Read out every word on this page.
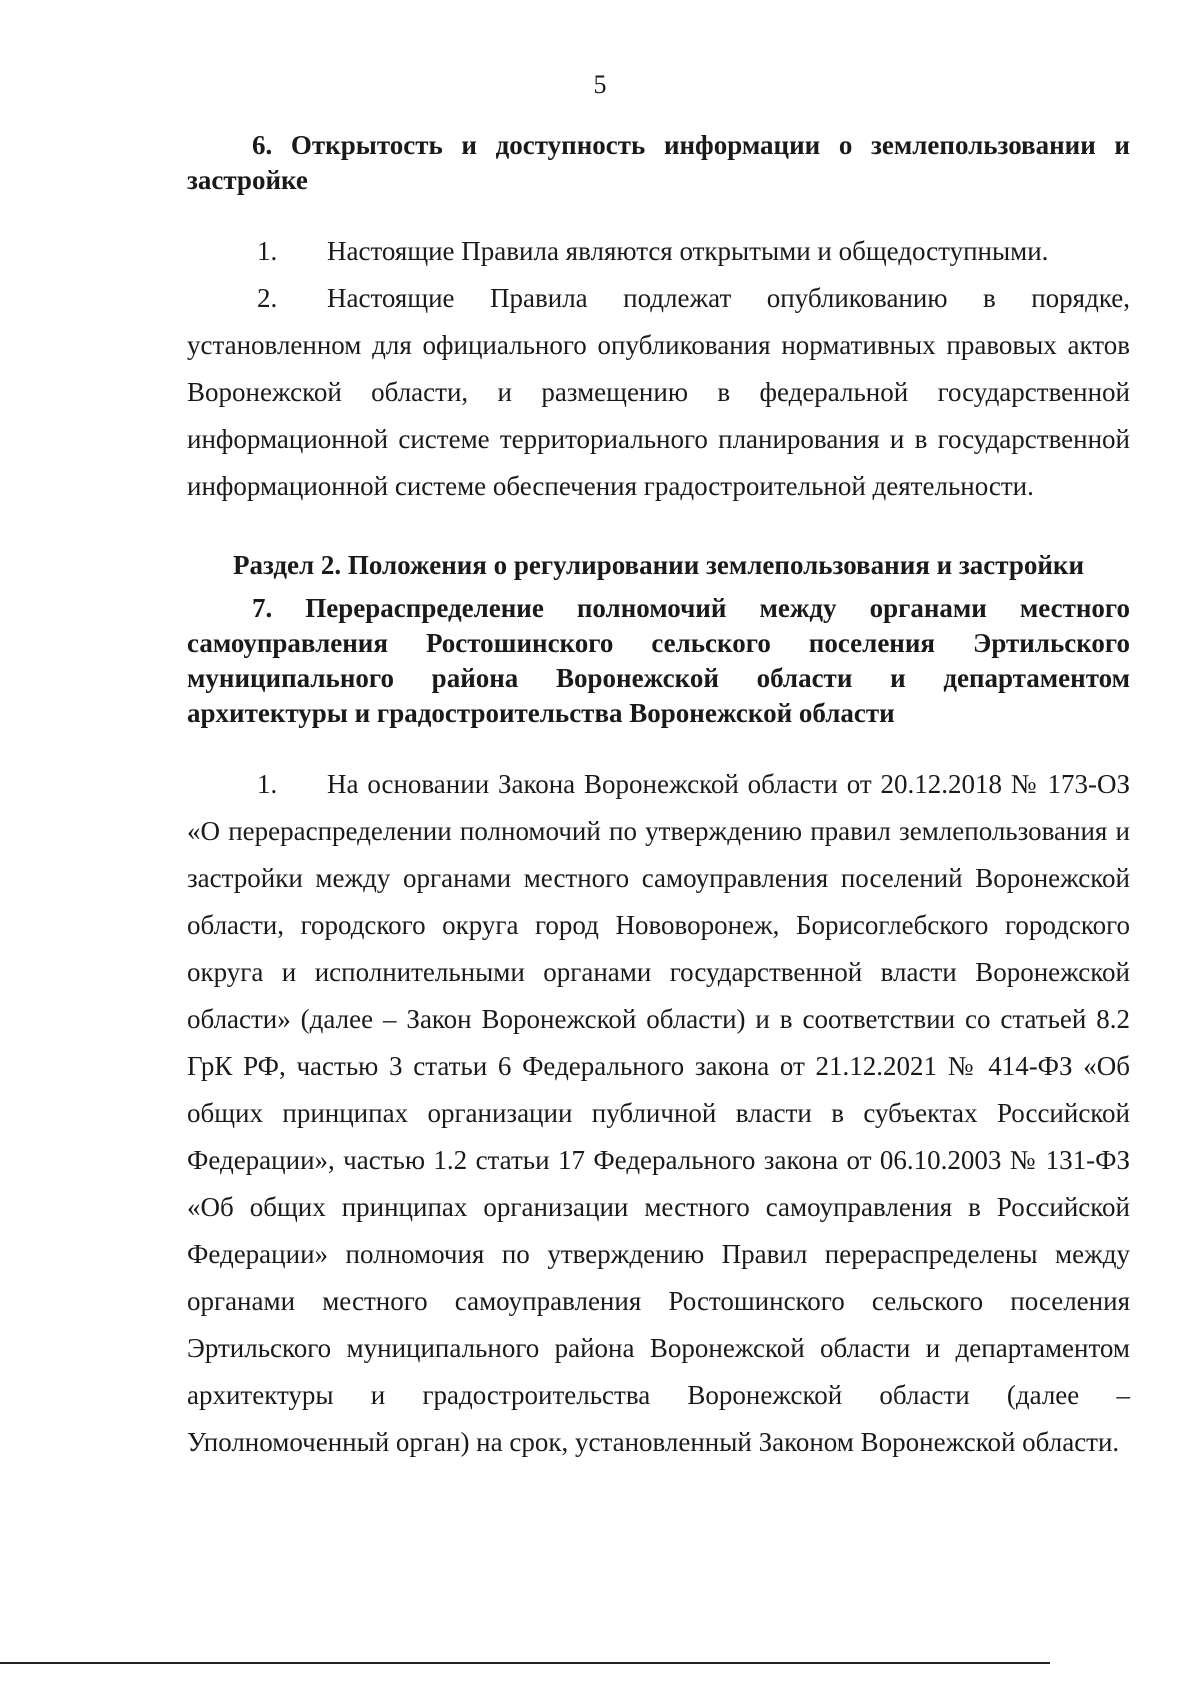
5

6. Открытость и доступность информации о землепользовании и застройке

1. Настоящие Правила являются открытыми и общедоступными.

2. Настоящие Правила подлежат опубликованию в порядке, установленном для официального опубликования нормативных правовых актов Воронежской области, и размещению в федеральной государственной информационной системе территориального планирования и в государственной информационной системе обеспечения градостроительной деятельности.

Раздел 2. Положения о регулировании землепользования и застройки

7. Перераспределение полномочий между органами местного самоуправления Ростошинского сельского поселения Эртильского муниципального района Воронежской области и департаментом архитектуры и градостроительства Воронежской области

1. На основании Закона Воронежской области от 20.12.2018 № 173-ОЗ «О перераспределении полномочий по утверждению правил землепользования и застройки между органами местного самоуправления поселений Воронежской области, городского округа город Нововоронеж, Борисоглебского городского округа и исполнительными органами государственной власти Воронежской области» (далее – Закон Воронежской области) и в соответствии со статьей 8.2 ГрК РФ, частью 3 статьи 6 Федерального закона от 21.12.2021 № 414-ФЗ «Об общих принципах организации публичной власти в субъектах Российской Федерации», частью 1.2 статьи 17 Федерального закона от 06.10.2003 № 131-ФЗ «Об общих принципах организации местного самоуправления в Российской Федерации» полномочия по утверждению Правил перераспределены между органами местного самоуправления Ростошинского сельского поселения Эртильского муниципального района Воронежской области и департаментом архитектуры и градостроительства Воронежской области (далее – Уполномоченный орган) на срок, установленный Законом Воронежской области.
